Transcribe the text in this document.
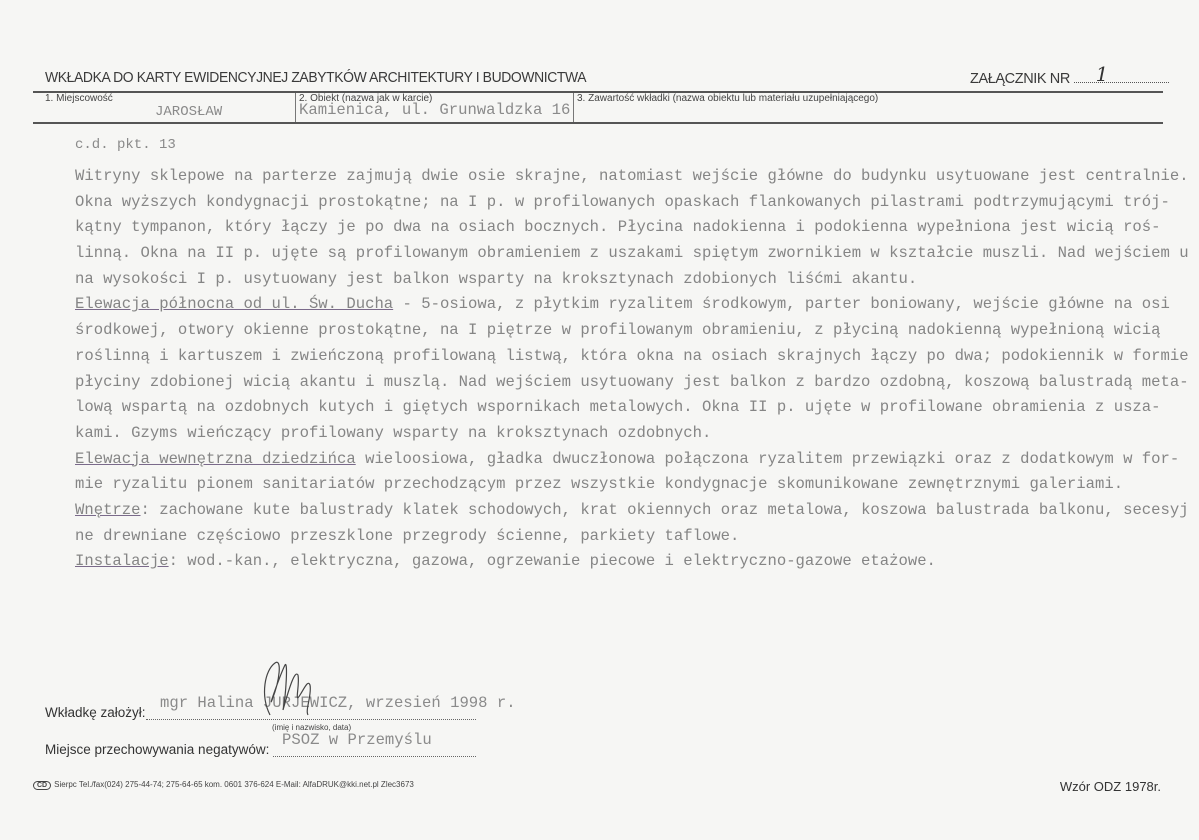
WKŁADKA DO KARTY EWIDENCYJNEJ ZABYTKÓW ARCHITEKTURY I BUDOWNICTWA	ZAŁĄCZNIK NR 1
1. Miejscowość
JAROSŁAW
2. Obiekt (nazwa jak w karcie)
Kamienica, ul. Grunwaldzka 16
3. Zawartość wkładki (nazwa obiektu lub materiału uzupełniającego)
c.d. pkt. 13
Witryny sklepowe na parterze zajmują dwie osie skrajne, natomiast wejście główne do budynku usytuowane jest centralnie.
Okna wyższych kondygnacji prostokątne; na I p. w profilowanych opaskach flankowanych pilastrami podtrzymującymi trój-
kątny tympanon, który łączy je po dwa na osiach bocznych. Płycina nadokienna i podokienna wypełniona jest wicią roś-
linną. Okna na II p. ujęte są profilowanym obramieniem z uszakami spiętym zwornikiem w kształcie muszli. Nad wejściem u
na wysokości I p. usytuowany jest balkon wsparty na kroksztynach zdobionych liśćmi akantu.
Elewacja północna od ul. Św. Ducha - 5-osiowa, z płytkim ryzalitem środkowym, parter boniowany, wejście główne na osi
środkowej, otwory okienne prostokątne, na I piętrze w profilowanym obramieniu, z płyciną nadokienną wypełnioną wicią
roślinną i kartuszem i zwieńczoną profilowaną listwą, która okna na osiach skrajnych łączy po dwa; podokiennik w formie
płyciny zdobionej wicią akantu i muszlą. Nad wejściem usytuowany jest balkon z bardzo ozdobną, koszową balustradą meta-
lową wspartą na ozdobnych kutych i giętych wspornikach metalowych. Okna II p. ujęte w profilowane obramienia z usza-
kami. Gzyms wieńczący profilowany wsparty na kroksztynach ozdobnych.
Elewacja wewnętrzna dziedzińca wieloosiowa, gładka dwuczłonowa połączona ryzalitem przewiązki oraz z dodatkowym w for-
mie ryzalitu pionem sanitariatów przechodzącym przez wszystkie kondygnacje skomunikowane zewnętrznymi galeriami.
Wnętrze: zachowane kute balustrady klatek schodowych, krat okiennych oraz metalowa, koszowa balustrada balkonu, secesyj
ne drewniane częściowo przeszklone przegrody ścienne, parkiety taflowe.
Instalacje: wod.-kan., elektryczna, gazowa, ogrzewanie piecowe i elektryczno-gazowe etażowe.
Wkładkę założył:
mgr Halina JURJEWICZ, wrzesień 1998 r.
(imię i nazwisko, data)
Miejsce przechowywania negatywów:
PSOZ w Przemyślu
CD Sierpc Tel./fax(024) 275-44-74; 275-64-65 kom. 0601 376-624 E-Mail: AlfaDRUK@kki.net.pl Zlec3673	Wzór ODZ 1978r.
